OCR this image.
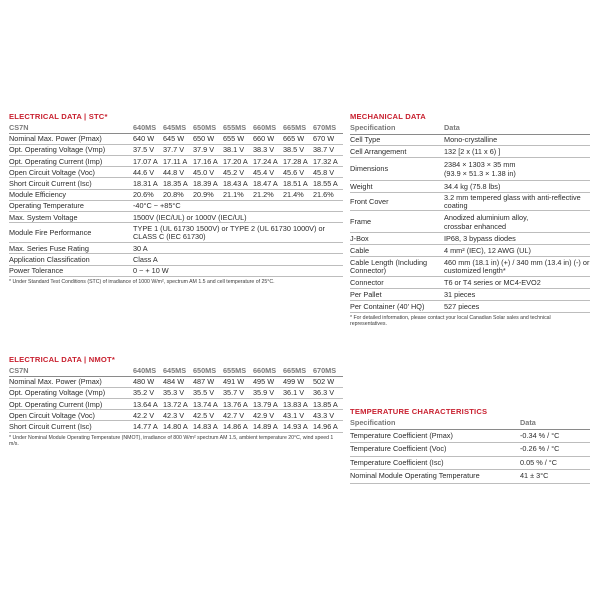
ELECTRICAL DATA | STC*
CS7N	640MS	645MS	650MS	655MS	660MS	665MS	670MS
Nominal Max. Power (Pmax)	640 W	645 W	650 W	655 W	660 W	665 W	670 W
Opt. Operating Voltage (Vmp)	37.5 V	37.7 V	37.9 V	38.1 V	38.3 V	38.5 V	38.7 V
Opt. Operating Current (Imp)	17.07 A	17.11 A	17.16 A	17.20 A	17.24 A	17.28 A	17.32 A
Open Circuit Voltage (Voc)	44.6 V	44.8 V	45.0 V	45.2 V	45.4 V	45.6 V	45.8 V
Short Circuit Current (Isc)	18.31 A	18.35 A	18.39 A	18.43 A	18.47 A	18.51 A	18.55 A
Module Efficiency	20.6%	20.8%	20.9%	21.1%	21.2%	21.4%	21.6%
Operating Temperature	-40°C ~ +85°C						
Max. System Voltage	1500V (IEC/UL) or 1000V (IEC/UL)						
Module Fire Performance	TYPE 1 (UL 61730 1500V) or TYPE 2 (UL 61730 1000V) or CLASS C (IEC 61730)						
Max. Series Fuse Rating	30 A						
Application Classification	Class A						
Power Tolerance	0 ~ + 10 W						
* Under Standard Test Conditions (STC) of irradiance of 1000 W/m², spectrum AM 1.5 and cell temperature of 25°C.
ELECTRICAL DATA | NMOT*
CS7N	640MS	645MS	650MS	655MS	660MS	665MS	670MS
Nominal Max. Power (Pmax)	480 W	484 W	487 W	491 W	495 W	499 W	502 W
Opt. Operating Voltage (Vmp)	35.2 V	35.3 V	35.5 V	35.7 V	35.9 V	36.1 V	36.3 V
Opt. Operating Current (Imp)	13.64 A	13.72 A	13.74 A	13.76 A	13.79 A	13.83 A	13.85 A
Open Circuit Voltage (Voc)	42.2 V	42.3 V	42.5 V	42.7 V	42.9 V	43.1 V	43.3 V
Short Circuit Current (Isc)	14.77 A	14.80 A	14.83 A	14.86 A	14.89 A	14.93 A	14.96 A
* Under Nominal Module Operating Temperature (NMOT), irradiance of 800 W/m² spectrum AM 1.5, ambient temperature 20°C, wind speed 1 m/s.
MECHANICAL DATA
Specification	Data
Cell Type	Mono-crystalline
Cell Arrangement	132 [2 x (11 x 6) ]
Dimensions	2384 × 1303 × 35 mm
(93.9 × 51.3 × 1.38 in)
Weight	34.4 kg (75.8 lbs)
Front Cover	3.2 mm tempered glass with anti-reflective coating
Frame	Anodized aluminium alloy,
crossbar enhanced
J-Box	IP68, 3 bypass diodes
Cable	4 mm² (IEC), 12 AWG (UL)
Cable Length (Including Connector)	460 mm (18.1 in) (+) / 340 mm (13.4 in) (-) or customized length*
Connector	T6 or T4 series or MC4-EVO2
Per Pallet	31 pieces
Per Container (40' HQ)	527 pieces
* For detailed information, please contact your local Canadian Solar sales and technical representatives.
TEMPERATURE CHARACTERISTICS
Specification	Data
Temperature Coefficient (Pmax)	-0.34 % / °C
Temperature Coefficient (Voc)	-0.26 % / °C
Temperature Coefficient (Isc)	0.05 % / °C
Nominal Module Operating Temperature	41 ± 3°C
